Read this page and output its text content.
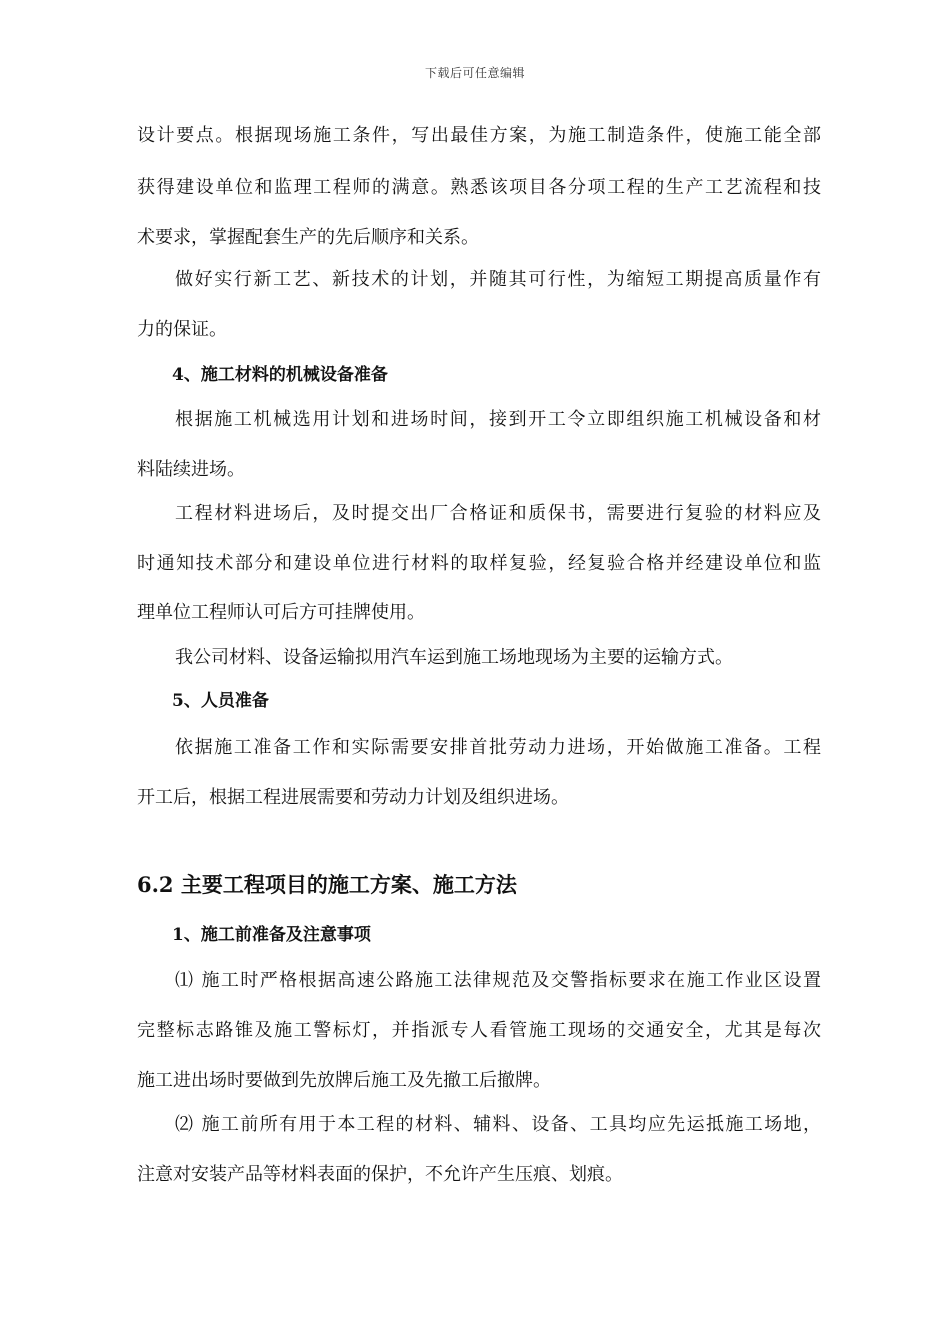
下载后可任意编辑
设计要点。根据现场施工条件，写出最佳方案，为施工制造条件，使施工能全部
获得建设单位和监理工程师的满意。熟悉该项目各分项工程的生产工艺流程和技
术要求，掌握配套生产的先后顺序和关系。
做好实行新工艺、新技术的计划，并随其可行性，为缩短工期提高质量作有
力的保证。
4、施工材料的机械设备准备
根据施工机械选用计划和进场时间，接到开工令立即组织施工机械设备和材
料陆续进场。
工程材料进场后，及时提交出厂合格证和质保书，需要进行复验的材料应及
时通知技术部分和建设单位进行材料的取样复验，经复验合格并经建设单位和监
理单位工程师认可后方可挂牌使用。
我公司材料、设备运输拟用汽车运到施工场地现场为主要的运输方式。
5、人员准备
依据施工准备工作和实际需要安排首批劳动力进场，开始做施工准备。工程
开工后，根据工程进展需要和劳动力计划及组织进场。
6.2 主要工程项目的施工方案、施工方法
1、施工前准备及注意事项
⑴ 施工时严格根据高速公路施工法律规范及交警指标要求在施工作业区设置
完整标志路锥及施工警标灯，并指派专人看管施工现场的交通安全，尤其是每次
施工进出场时要做到先放牌后施工及先撤工后撤牌。
⑵ 施工前所有用于本工程的材料、辅料、设备、工具均应先运抵施工场地，
注意对安装产品等材料表面的保护，不允许产生压痕、划痕。
